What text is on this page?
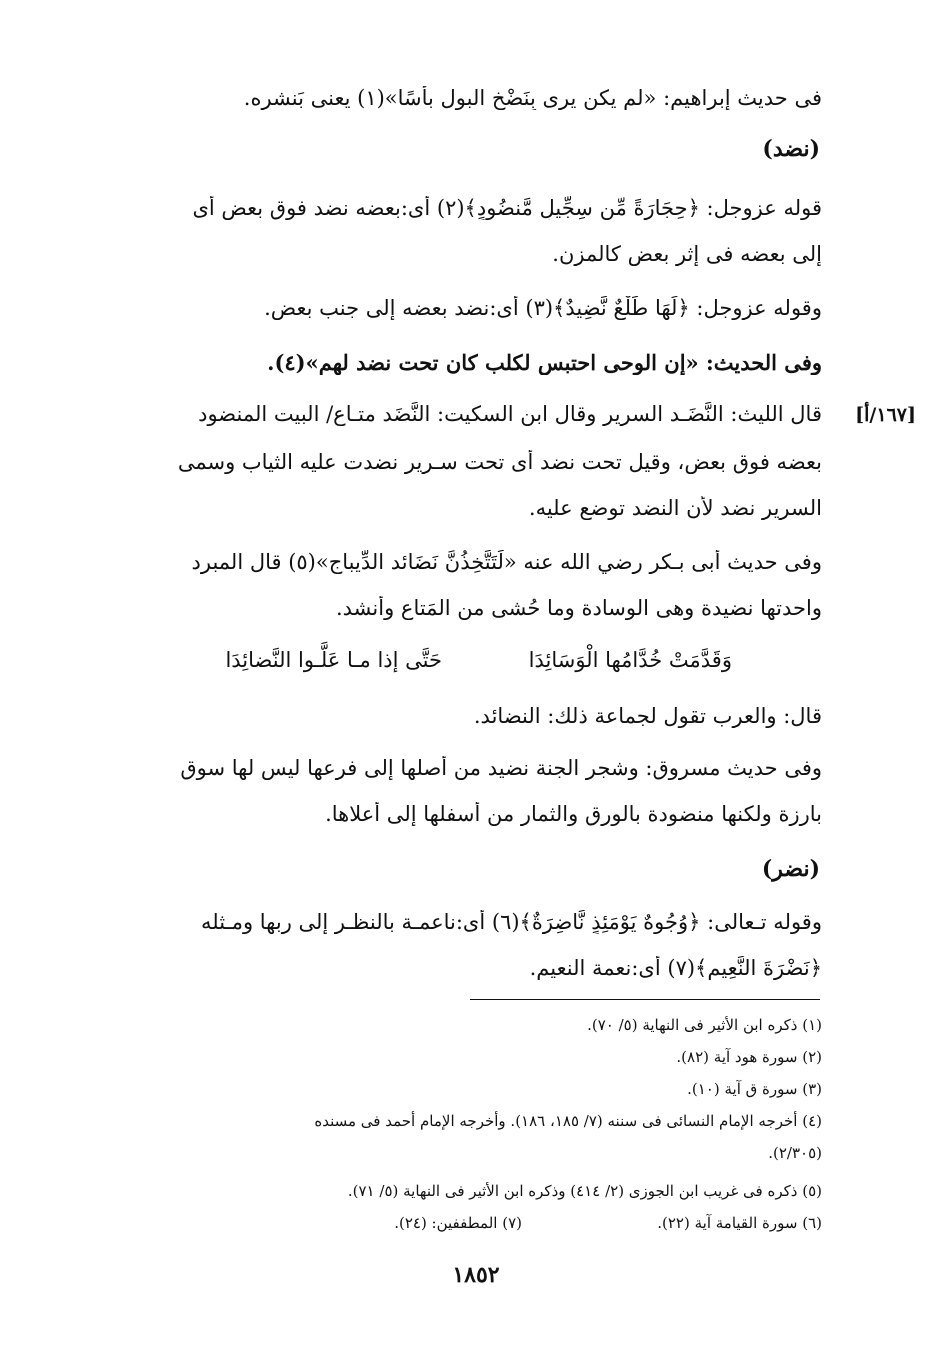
فى حديث إبراهيم: «لم يكن يرى بِنَضْخ البول بأسًا»(١) يعنى بَنشره.
(نضد)
قوله عزوجل: ﴿حِجَارَةً مِّن سِجِّيلٍ مَّنضُودٍ﴾(٢) أى:بعضه نضد فوق بعض أى
إلى بعضه فى إثر بعض كالمزن.
وقوله عزوجل: ﴿لَهَا طَلْعٌ نَّضِيدٌ﴾(٣) أى:نضد بعضه إلى جنب بعض.
وفى الحديث: «إن الوحى احتبس لكلب كان تحت نضد لهم»(٤).
[١٦٧/أ]
قال الليث: النَّضَـد السرير وقال ابن السكيت: النَّضَد متـاع/ البيت المنضود
بعضه فوق بعض، وقيل تحت نضد أى تحت سـرير نضدت عليه الثياب وسمى
السرير نضد لأن النضد توضع عليه.
وفى حديث أبى بـكر رضي الله عنه «لَتَتَّخِذُنَّ نَضَائد الدِّيباج»(٥) قال المبرد
واحدتها نضيدة وهى الوسادة وما حُشى من المَتاع وأنشد.
وَقَدَّمَتْ خُدَّامُها الْوَسَائِدَا
حَتَّى إذا مـا عَلَّـوا النَّضائِدَا
قال: والعرب تقول لجماعة ذلك: النضائد.
وفى حديث مسروق: وشجر الجنة نضيد من أصلها إلى فرعها ليس لها سوق
بارزة ولكنها منضودة بالورق والثمار من أسفلها إلى أعلاها.
(نضر)
وقوله تـعالى: ﴿وُجُوهٌ يَوْمَئِذٍ نَّاضِرَةٌ﴾(٦) أى:ناعمـة بالنظـر إلى ربها ومـثله
﴿نَضْرَةَ النَّعِيمِ﴾(٧) أى:نعمة النعيم.
(١) ذكره ابن الأثير فى النهاية (٥/ ٧٠).
(٢) سورة هود آية (٨٢).
(٣) سورة ق آية (١٠).
(٤) أخرجه الإمام النسائى فى سننه (٧/ ١٨٥، ١٨٦). وأخرجه الإمام أحمد فى مسنده
(٢/٣٠٥).
(٥) ذكره فى غريب ابن الجوزى (٢/ ٤١٤) وذكره ابن الأثير فى النهاية (٥/ ٧١).
(٦) سورة القيامة آية (٢٢).
(٧) المطففين: (٢٤).
١٨٥٢
